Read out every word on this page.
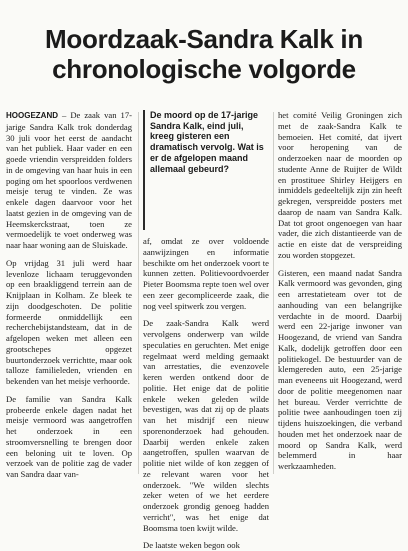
Moordzaak-Sandra Kalk in chronologische volgorde

HOOGEZAND – De zaak van 17-jarige Sandra Kalk trok donderdag 30 juli voor het eerst de aandacht van het publiek. Haar vader en een goede vriendin verspreidden folders in de omgeving van haar huis in een poging om het spoorloos verdwenen meisje terug te vinden. Ze was enkele dagen daarvoor voor het laatst gezien in de omgeving van de Heemskerckstraat, toen ze vermoedelijk te voet onderweg was naar haar woning aan de Sluiskade.

Op vrijdag 31 juli werd haar levenloze lichaam teruggevonden op een braakliggend terrein aan de Knijplaan in Kolham. Ze bleek te zijn doodgeschoten. De politie formeerde onmiddellijk een recherchebijstandsteam, dat in de afgelopen weken met alleen een grootschepes opgezet buurtonderzoek verrichtte, maar ook talloze familieleden, vrienden en bekenden van het meisje verhoorde.

De familie van Sandra Kalk probeerde enkele dagen nadat het meisje vermoord was aangetroffen het onderzoek in een stroomversnelling te brengen door een beloning uit te loven. Op verzoek van de politie zag de vader van Sandra daar van-

De moord op de 17-jarige Sandra Kalk, eind juli, kreeg gisteren een dramatisch vervolg. Wat is er de afgelopen maand allemaal gebeurd?

af, omdat ze over voldoende aanwijzingen en informatie beschikte om het onderzoek voort te kunnen zetten. Politievoordvoerder Pieter Boomsma repte toen wel over een zeer gecompliceerde zaak, die nog veel spitwerk zou vergen.

De zaak-Sandra Kalk werd vervolgens onderwerp van wilde speculaties en geruchten. Met enige regelmaat werd melding gemaakt van arrestaties, die evenzovele keren werden ontkend door de politie. Het enige dat de politie enkele weken geleden wilde bevestigen, was dat zij op de plaats van het misdrijf een nieuw sporenonderzoek had gehouden. Daarbij werden enkele zaken aangetroffen, spullen waarvan de politie niet wilde of kon zeggen of ze relevant waren voor het onderzoek. "We wilden slechts zeker weten of we het eerdere onderzoek grondig genoeg hadden verricht", was het enige dat Boomsma toen kwijt wilde.

De laatste weken begon ook

het comité Veilig Groningen zich met de zaak-Sandra Kalk te bemoeien. Het comité, dat ijvert voor heropening van de onderzoeken naar de moorden op studente Anne de Ruijter de Wildt en prostituee Shirley Heijgers en inmiddels gedeeltelijk zijn zin heeft gekregen, verspreidde posters met daarop de naam van Sandra Kalk. Dat tot groot ongenoegen van haar vader, die zich distantieerde van de actie en eiste dat de verspreiding zou worden stopgezet.

Gisteren, een maand nadat Sandra Kalk vermoord was gevonden, ging een arrestatieteam over tot de aanhouding van een belangrijke verdachte in de moord. Daarbij werd een 22-jarige inwoner van Hoogezand, de vriend van Sandra Kalk, dodelijk getroffen door een politiekogel. De bestuurder van de klemgereden auto, een 25-jarige man eveneens uit Hoogezand, werd door de politie meegenomen naar het bureau. Verder verrichtte de politie twee aanhoudingen toen zij tijdens huiszoekingen, die verband houden met het onderzoek naar de moord op Sandra Kalk, werd belemmerd in haar werkzaamheden.
